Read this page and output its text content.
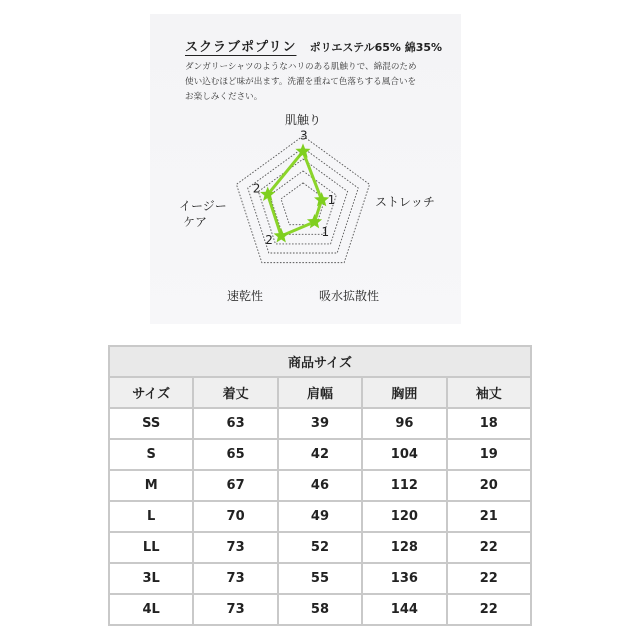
スクラブポプリン ポリエステル65% 綿35%
ダンガリーシャツのようなハリのある肌触りで、綿混のため
使い込むほど味が出ます。洗濯を重ねて色落ちする風合いを
お楽しみください。
3
1
1
2
2
肌触り
ストレッチ
吸水拡散性
速乾性
イージーケア
商品サイズ				
サイズ	着丈	肩幅	胸囲	袖丈
SS	63	39	96	18
S	65	42	104	19
M	67	46	112	20
L	70	49	120	21
LL	73	52	128	22
3L	73	55	136	22
4L	73	58	144	22
